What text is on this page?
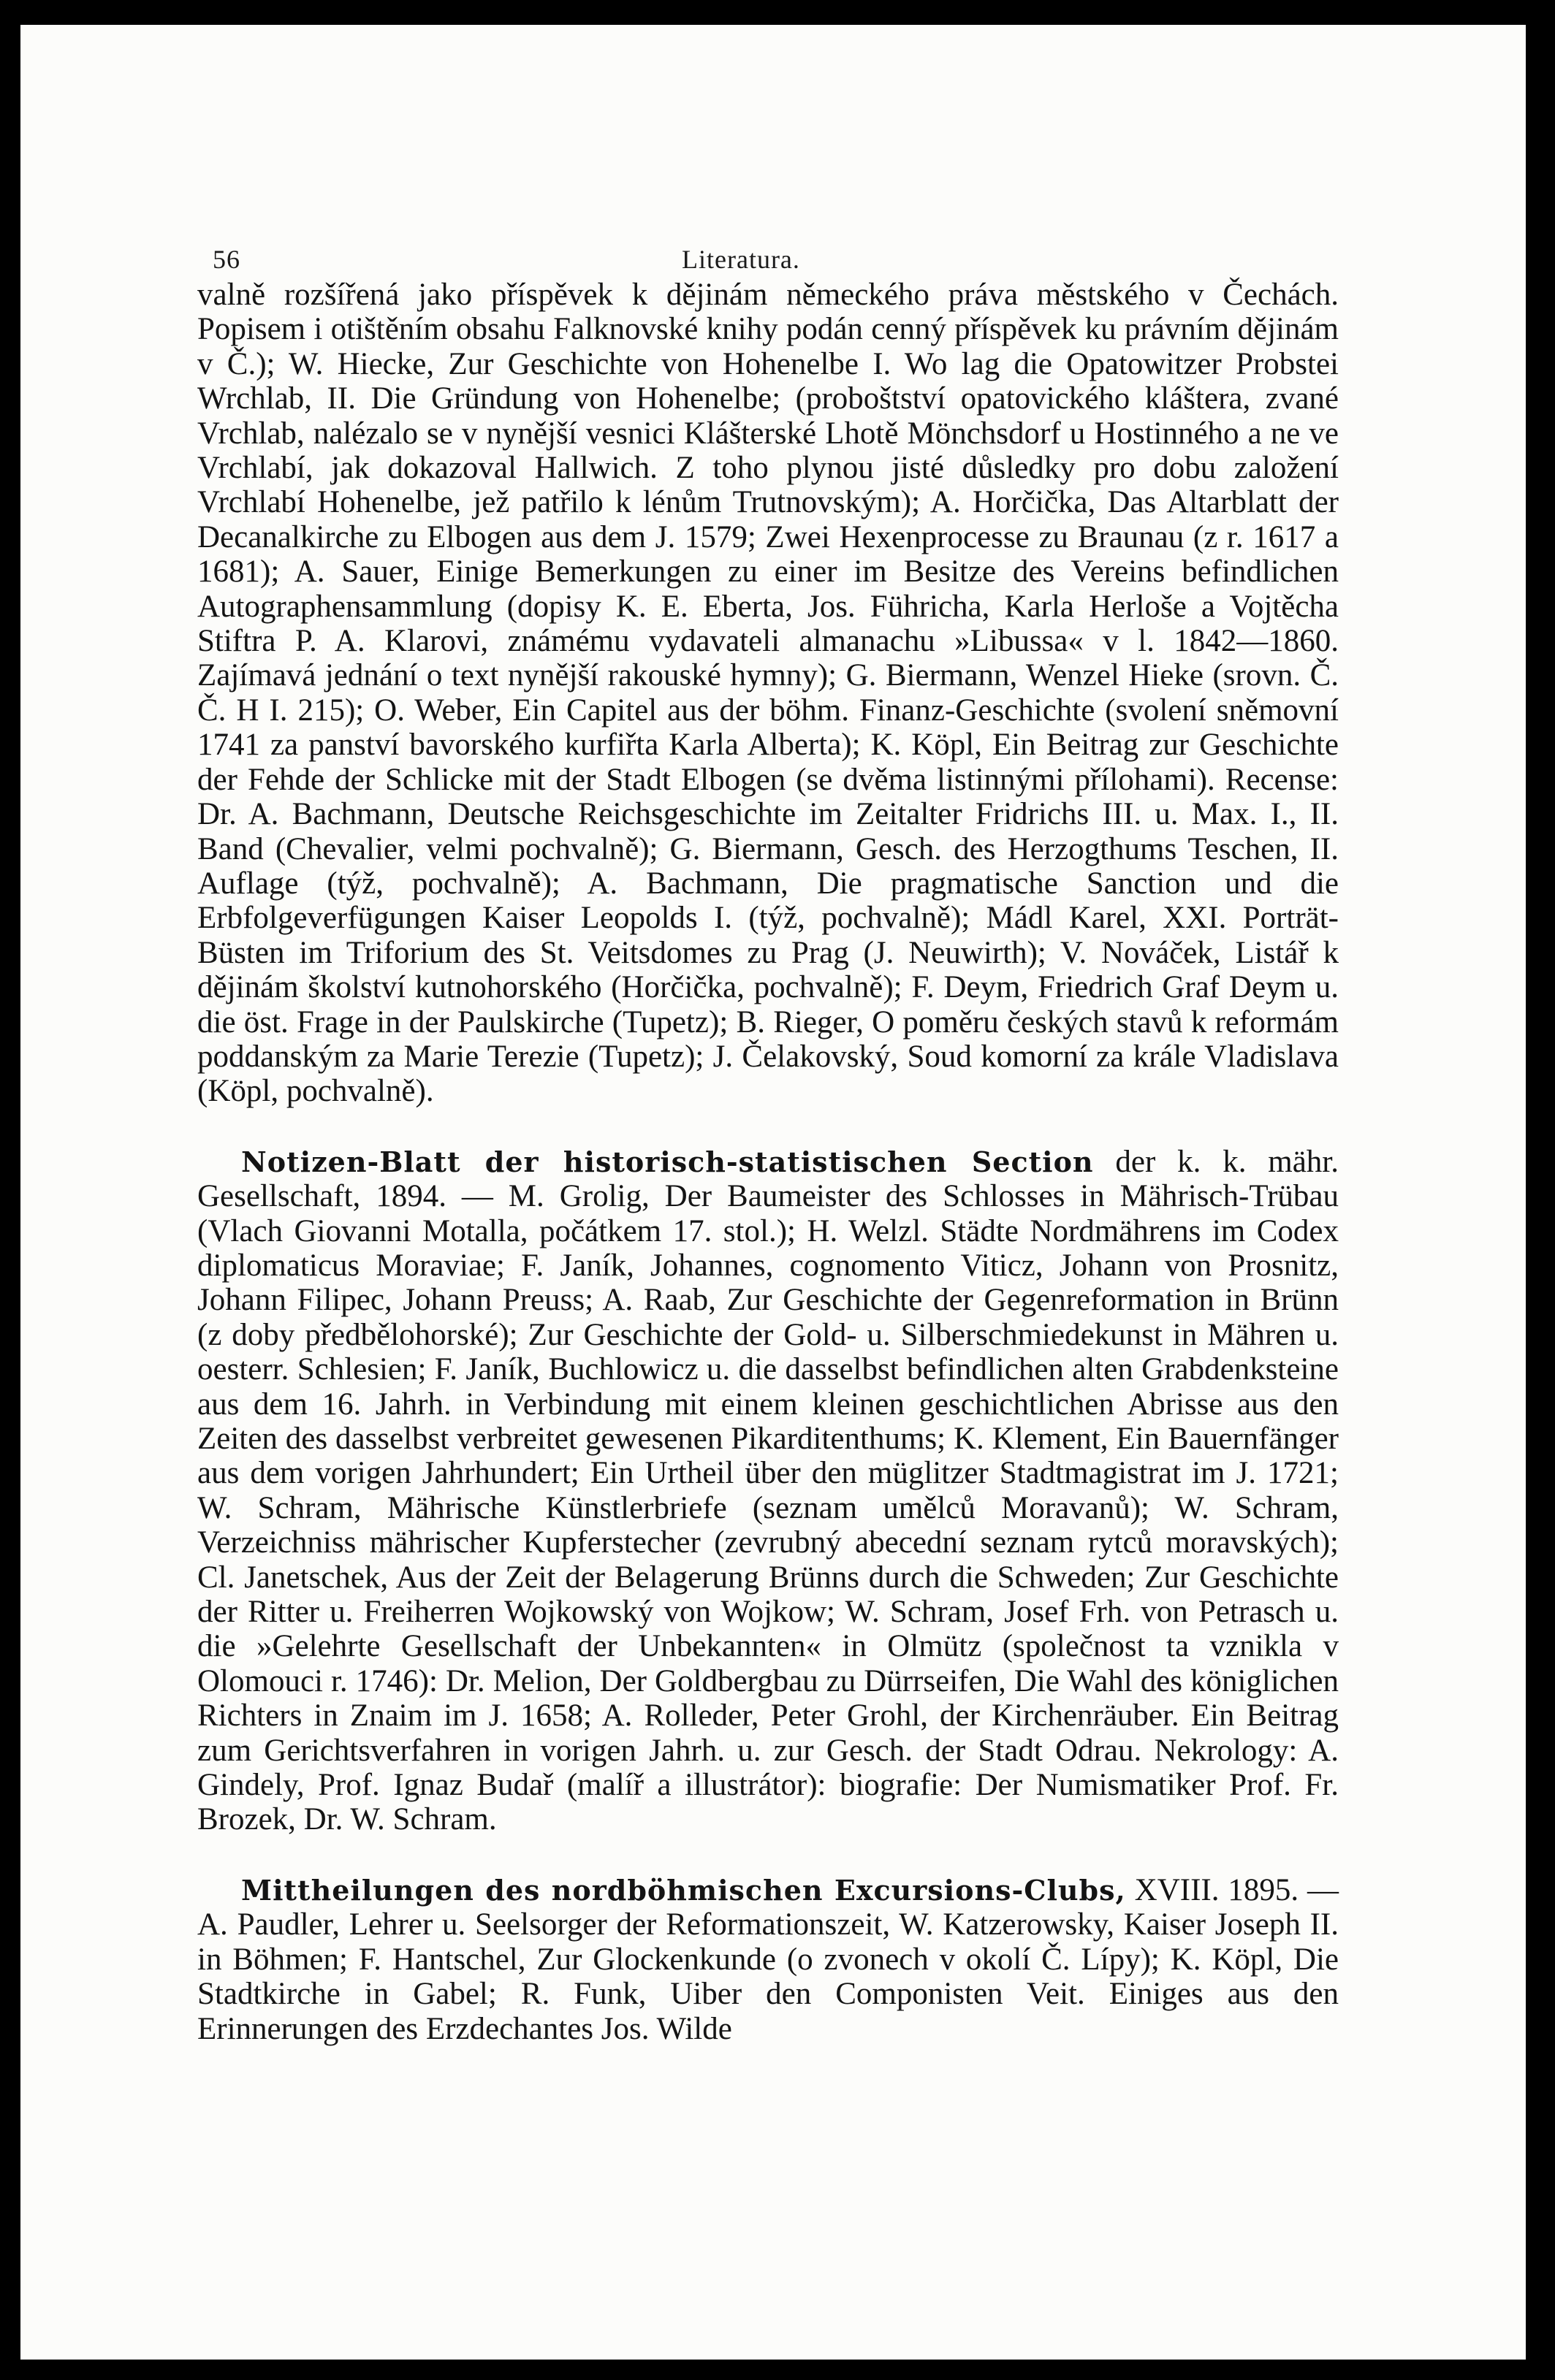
56	Literatura.

valně rozšířená jako příspěvek k dějinám německého práva městského v Čechách. Popisem i otištěním obsahu Falknovské knihy podán cenný příspěvek ku právním dějinám v Č.); W. Hiecke, Zur Geschichte von Hohenelbe I. Wo lag die Opatowitzer Probstei Wrchlab, II. Die Gründung von Hohenelbe; (proboštství opatovického kláštera, zvané Vrchlab, nalézalo se v nynější vesnici Klášterské Lhotě Mönchsdorf u Hostinného a ne ve Vrchlabí, jak dokazoval Hallwich. Z toho plynou jisté důsledky pro dobu založení Vrchlabí Hohenelbe, jež patřilo k lénům Trutnovským); A. Horčička, Das Altarblatt der Decanalkirche zu Elbogen aus dem J. 1579; Zwei Hexenprocesse zu Braunau (z r. 1617 a 1681); A. Sauer, Einige Bemerkungen zu einer im Besitze des Vereins befindlichen Autographensammlung (dopisy K. E. Eberta, Jos. Führicha, Karla Herloše a Vojtěcha Stiftra P. A. Klarovi, známému vydavateli almanachu »Libussa« v l. 1842—1860. Zajímavá jednání o text nynější rakouské hymny); G. Biermann, Wenzel Hieke (srovn. Č. Č. H I. 215); O. Weber, Ein Capitel aus der böhm. Finanz-Geschichte (svolení sněmovní 1741 za panství bavorského kurfiřta Karla Alberta); K. Köpl, Ein Beitrag zur Geschichte der Fehde der Schlicke mit der Stadt Elbogen (se dvěma listinnými přílohami). Recense: Dr. A. Bachmann, Deutsche Reichsgeschichte im Zeitalter Fridrichs III. u. Max. I., II. Band (Chevalier, velmi pochvalně); G. Biermann, Gesch. des Herzogthums Teschen, II. Auflage (týž, pochvalně); A. Bachmann, Die pragmatische Sanction und die Erbfolgeverfügungen Kaiser Leopolds I. (týž, pochvalně); Mádl Karel, XXI. Porträt-Büsten im Triforium des St. Veitsdomes zu Prag (J. Neuwirth); V. Nováček, Listář k dějinám školství kutnohorského (Horčička, pochvalně); F. Deym, Friedrich Graf Deym u. die öst. Frage in der Paulskirche (Tupetz); B. Rieger, O poměru českých stavů k reformám poddanským za Marie Terezie (Tupetz); J. Čelakovský, Soud komorní za krále Vladislava (Köpl, pochvalně).

Notizen-Blatt der historisch-statistischen Section der k. k. mähr. Gesellschaft, 1894. — M. Grolig, Der Baumeister des Schlosses in Mährisch-Trübau (Vlach Giovanni Motalla, počátkem 17. stol.); H. Welzl. Städte Nordmährens im Codex diplomaticus Moraviae; F. Janík, Johannes, cognomento Viticz, Johann von Prosnitz, Johann Filipec, Johann Preuss; A. Raab, Zur Geschichte der Gegenreformation in Brünn (z doby předbělohorské); Zur Geschichte der Gold- u. Silberschmiedekunst in Mähren u. oesterr. Schlesien; F. Janík, Buchlowicz u. die dasselbst befindlichen alten Grabdenksteine aus dem 16. Jahrh. in Verbindung mit einem kleinen geschichtlichen Abrisse aus den Zeiten des dasselbst verbreitet gewesenen Pikarditenthums; K. Klement, Ein Bauernfänger aus dem vorigen Jahrhundert; Ein Urtheil über den müglitzer Stadtmagistrat im J. 1721; W. Schram, Mährische Künstlerbriefe (seznam umělců Moravanů); W. Schram, Verzeichniss mährischer Kupferstecher (zevrubný abecední seznam rytců moravských); Cl. Janetschek, Aus der Zeit der Belagerung Brünns durch die Schweden; Zur Geschichte der Ritter u. Freiherren Wojkowský von Wojkow; W. Schram, Josef Frh. von Petrasch u. die »Gelehrte Gesellschaft der Unbekannten« in Olmütz (společnost ta vznikla v Olomouci r. 1746): Dr. Melion, Der Goldbergbau zu Dürrseifen, Die Wahl des königlichen Richters in Znaim im J. 1658; A. Rolleder, Peter Grohl, der Kirchenräuber. Ein Beitrag zum Gerichtsverfahren in vorigen Jahrh. u. zur Gesch. der Stadt Odrau. Nekrology: A. Gindely, Prof. Ignaz Budař (malíř a illustrátor): biografie: Der Numismatiker Prof. Fr. Brozek, Dr. W. Schram.

Mittheilungen des nordböhmischen Excursions-Clubs, XVIII. 1895. — A. Paudler, Lehrer u. Seelsorger der Reformationszeit, W. Katzerowsky, Kaiser Joseph II. in Böhmen; F. Hantschel, Zur Glockenkunde (o zvonech v okolí Č. Lípy); K. Köpl, Die Stadtkirche in Gabel; R. Funk, Uiber den Componisten Veit. Einiges aus den Erinnerungen des Erzdechantes Jos. Wilde
